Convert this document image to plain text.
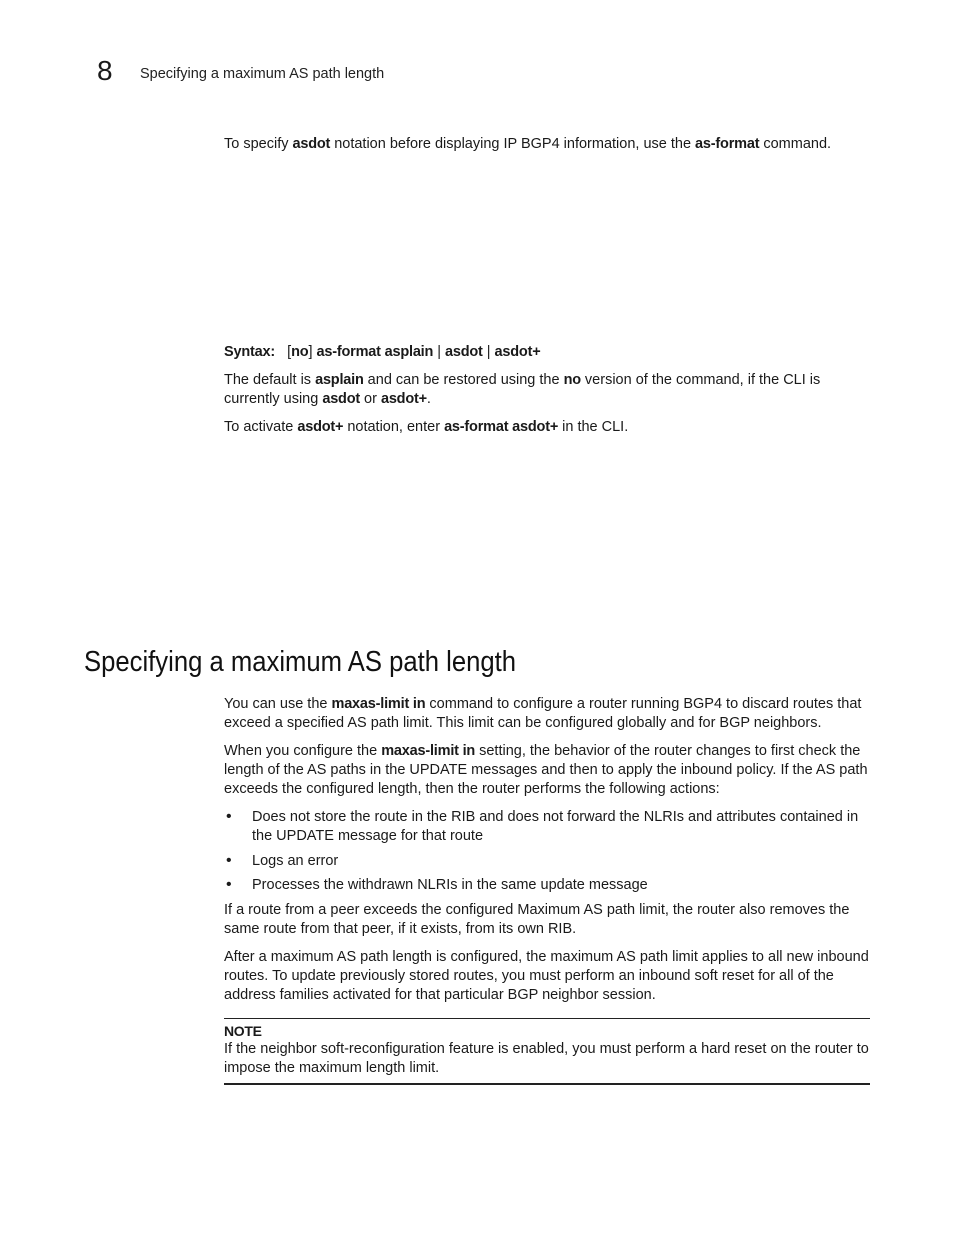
8 Specifying a maximum AS path length

To specify asdot notation before displaying IP BGP4 information, use the as-format command.

Syntax: [no] as-format asplain | asdot | asdot+

The default is asplain and can be restored using the no version of the command, if the CLI is currently using asdot or asdot+.

To activate asdot+ notation, enter as-format asdot+ in the CLI.

Specifying a maximum AS path length

You can use the maxas-limit in command to configure a router running BGP4 to discard routes that exceed a specified AS path limit. This limit can be configured globally and for BGP neighbors.

When you configure the maxas-limit in setting, the behavior of the router changes to first check the length of the AS paths in the UPDATE messages and then to apply the inbound policy. If the AS path exceeds the configured length, then the router performs the following actions:

• Does not store the route in the RIB and does not forward the NLRIs and attributes contained in the UPDATE message for that route
• Logs an error
• Processes the withdrawn NLRIs in the same update message

If a route from a peer exceeds the configured Maximum AS path limit, the router also removes the same route from that peer, if it exists, from its own RIB.

After a maximum AS path length is configured, the maximum AS path limit applies to all new inbound routes. To update previously stored routes, you must perform an inbound soft reset for all of the address families activated for that particular BGP neighbor session.

NOTE

If the neighbor soft-reconfiguration feature is enabled, you must perform a hard reset on the router to impose the maximum length limit.
